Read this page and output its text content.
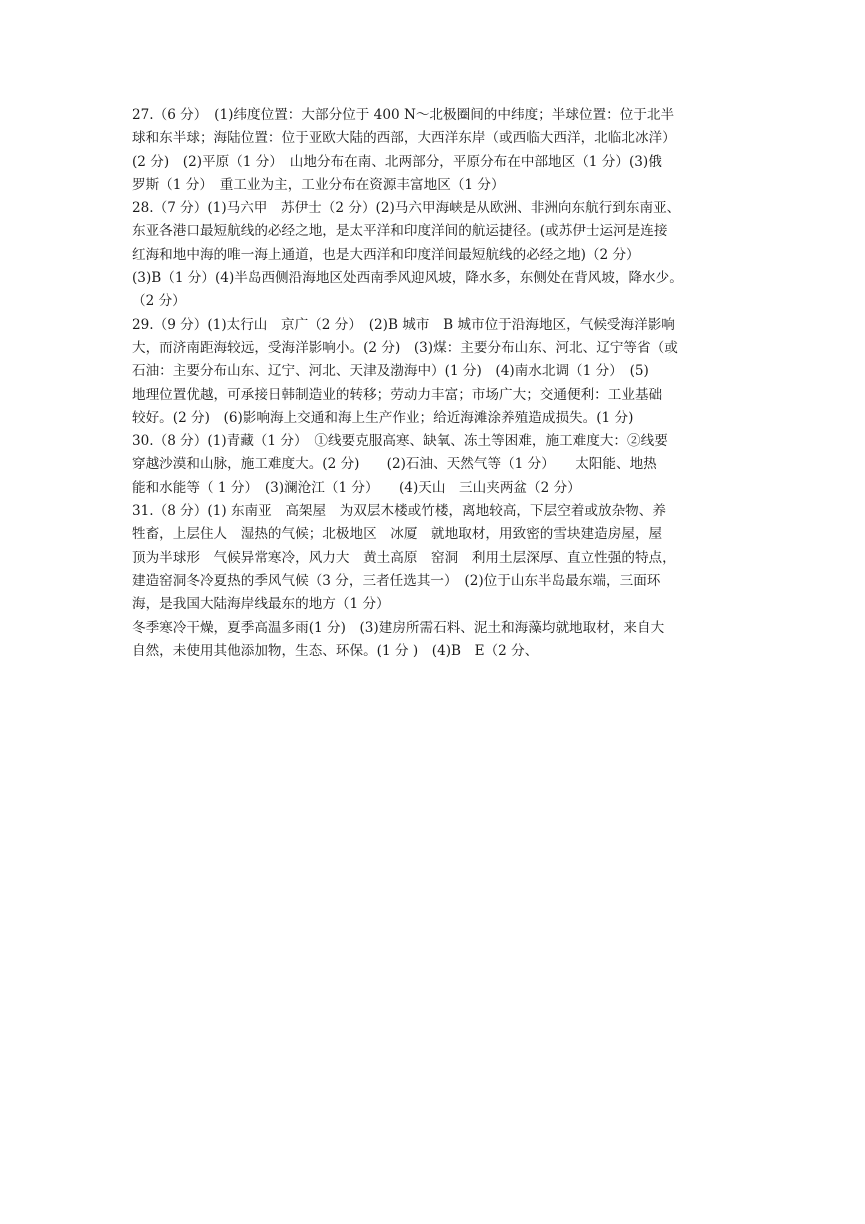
27.（6 分）　(1)纬度位置：大部分位于 400 N～北极圈间的中纬度；半球位置：位于北半
球和东半球；海陆位置：位于亚欧大陆的西部，大西洋东岸（或西临大西洋，北临北冰洋）
(2 分)　(2)平原（1 分）　山地分布在南、北两部分，平原分布在中部地区（1 分）(3)俄
罗斯（1 分）　重工业为主，工业分布在资源丰富地区（1 分）
28.（7 分）(1)马六甲　苏伊士（2 分）(2)马六甲海峡是从欧洲、非洲向东航行到东南亚、
东亚各港口最短航线的必经之地，是太平洋和印度洋间的航运捷径。(或苏伊士运河是连接
红海和地中海的唯一海上通道，也是大西洋和印度洋间最短航线的必经之地)（2 分）
(3)B（1 分）(4)半岛西侧沿海地区处西南季风迎风坡，降水多，东侧处在背风坡，降水少。
（2 分）
29.（9 分）(1)太行山　京广（2 分）　(2)B 城市　B 城市位于沿海地区，气候受海洋影响
大，而济南距海较远，受海洋影响小。(2 分)　(3)煤：主要分布山东、河北、辽宁等省（或
石油：主要分布山东、辽宁、河北、天津及渤海中）(1 分)　(4)南水北调（1 分）　(5)
地理位置优越，可承接日韩制造业的转移；劳动力丰富；市场广大；交通便利：工业基础
较好。(2 分)　(6)影响海上交通和海上生产作业；给近海滩涂养殖造成损失。(1 分)
30.（8 分）(1)青藏（1 分）　①线要克服高寒、缺氧、冻土等困难，施工难度大：②线要
穿越沙漠和山脉，施工难度大。(2 分)　　(2)石油、天然气等（1 分）　　太阳能、地热
能和水能等（ 1 分）　(3)澜沧江（1 分）　　(4)天山　三山夹两盆（2 分）
31.（8 分）(1) 东南亚　高架屋　为双层木楼或竹楼，离地较高，下层空着或放杂物、养
牲畜，上层住人　湿热的气候；北极地区　冰厦　就地取材，用致密的雪块建造房屋，屋
顶为半球形　气候异常寒冷，风力大　黄土高原　窑洞　利用土层深厚、直立性强的特点，
建造窑洞冬冷夏热的季风气候（3 分，三者任选其一）　(2)位于山东半岛最东端，三面环
海，是我国大陆海岸线最东的地方（1 分）
冬季寒冷干燥，夏季高温多雨(1 分)　(3)建房所需石料、泥土和海藻均就地取材，来自大
自然，未使用其他添加物，生态、环保。(1 分 )　(4)B　E（2 分、
